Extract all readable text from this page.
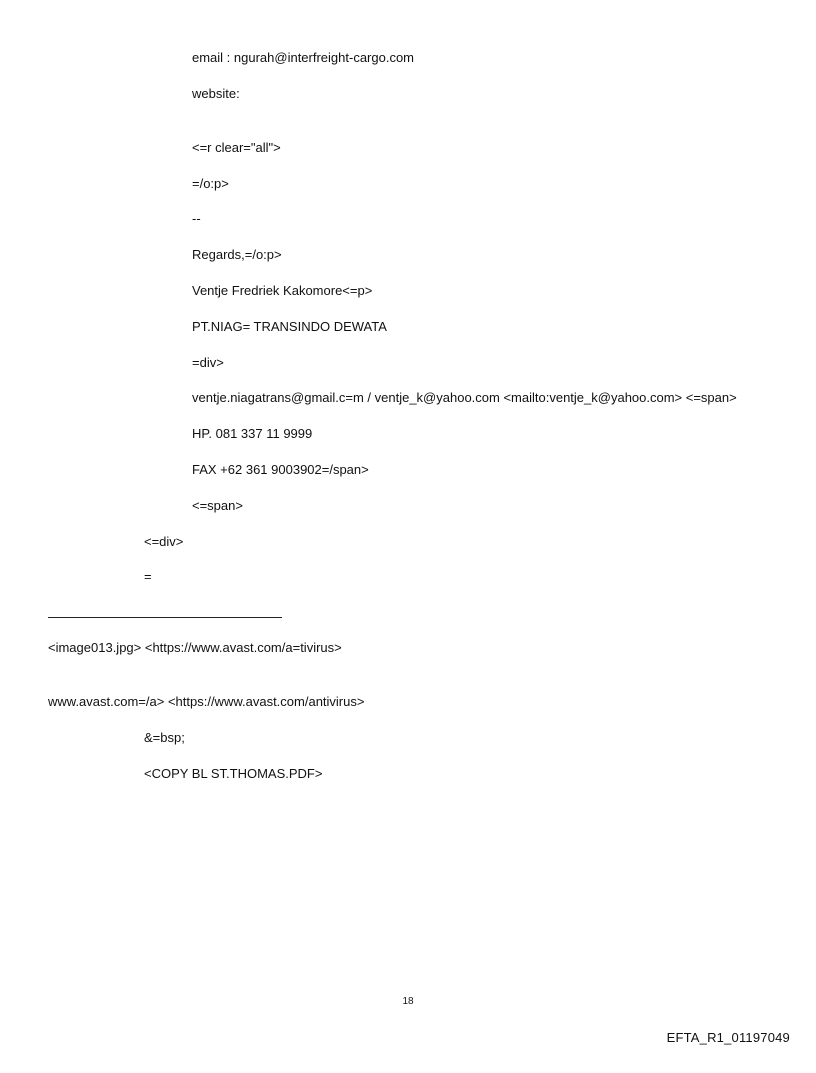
email : ngurah@interfreight-cargo.com
website:
<=r clear="all">
=/o:p>
--
Regards,=/o:p>
Ventje Fredriek Kakomore<=p>
PT.NIAG= TRANSINDO DEWATA
=div>
ventje.niagatrans@gmail.c=m / ventje_k@yahoo.com <mailto:ventje_k@yahoo.com> <=span>
HP. 081 337 11 9999
FAX +62 361 9003902=/span>
<=span>
<=div>
=
<image013.jpg> <https://www.avast.com/a=tivirus>
www.avast.com=/a> <https://www.avast.com/antivirus>
&=bsp;
<COPY BL ST.THOMAS.PDF>
18
EFTA_R1_01197049
